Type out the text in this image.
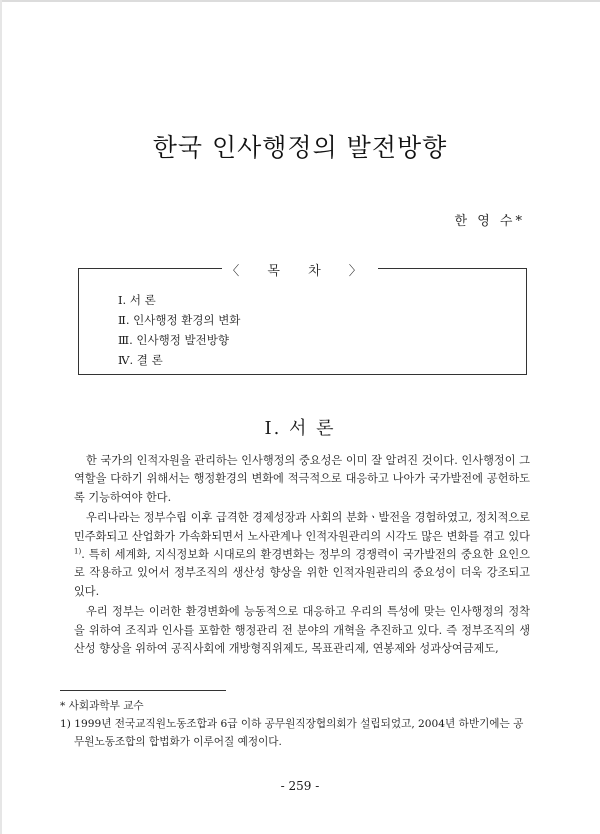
한국 인사행정의 발전방향
한 영 수*
〈 목 차 〉
Ⅰ. 서 론
Ⅱ. 인사행정 환경의 변화
Ⅲ. 인사행정 발전방향
Ⅳ. 결 론
Ⅰ. 서 론

한 국가의 인적자원을 관리하는 인사행정의 중요성은 이미 잘 알려진 것이다. 인사행정이 그 역할을 다하기 위해서는 행정환경의 변화에 적극적으로 대응하고 나아가 국가발전에 공헌하도록 기능하여야 한다.

우리나라는 정부수립 이후 급격한 경제성장과 사회의 분화ㆍ발전을 경험하였고, 정치적으로 민주화되고 산업화가 가속화되면서 노사관계나 인적자원관리의 시각도 많은 변화를 겪고 있다$^{1)}$. 특히 세계화, 지식정보화 시대로의 환경변화는 정부의 경쟁력이 국가발전의 중요한 요인으로 작용하고 있어서 정부조직의 생산성 향상을 위한 인적자원관리의 중요성이 더욱 강조되고 있다.

우리 정부는 이러한 환경변화에 능동적으로 대응하고 우리의 특성에 맞는 인사행정의 정착을 위하여 조직과 인사를 포함한 행정관리 전 분야의 개혁을 추진하고 있다. 즉 정부조직의 생산성 향상을 위하여 공직사회에 개방형직위제도, 목표관리제, 연봉제와 성과상여금제도,

* 사회과학부 교수
1) 1999년 전국교직원노동조합과 6급 이하 공무원직장협의회가 설립되었고, 2004년 하반기에는 공무원노동조합의 합법화가 이루어질 예정이다.
- 259 -
